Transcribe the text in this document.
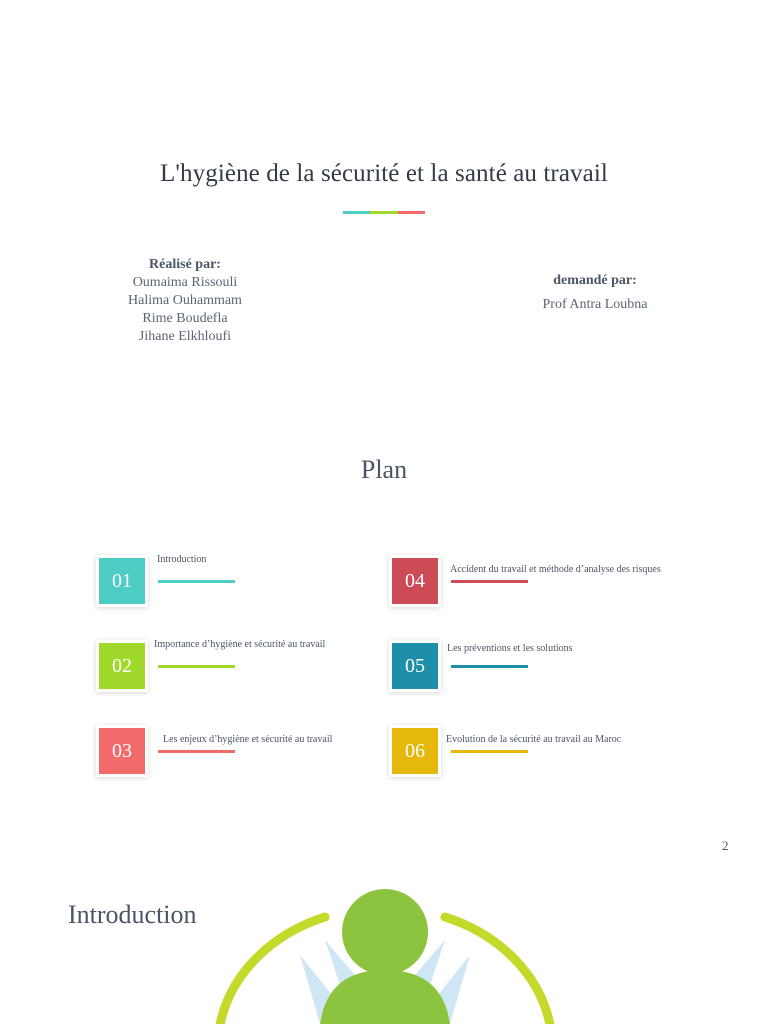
L'hygiène de la sécurité et la santé au travail
Réalisé par:
Oumaima Rissouli
Halima Ouhammam
Rime Boudefla
Jihane Elkhloufi
demandé par:
Prof Antra Loubna
Plan
01
Introduction
02
Importance d’hygiène et sécurité au travail
03	Les enjeux d’hygiène et sécurité au travail
04	Accident du travail et méthode d’analyse des risques
05
Les préventions et les solutions
06	Evolution de la sécurité au travail au Maroc
2
Introduction
